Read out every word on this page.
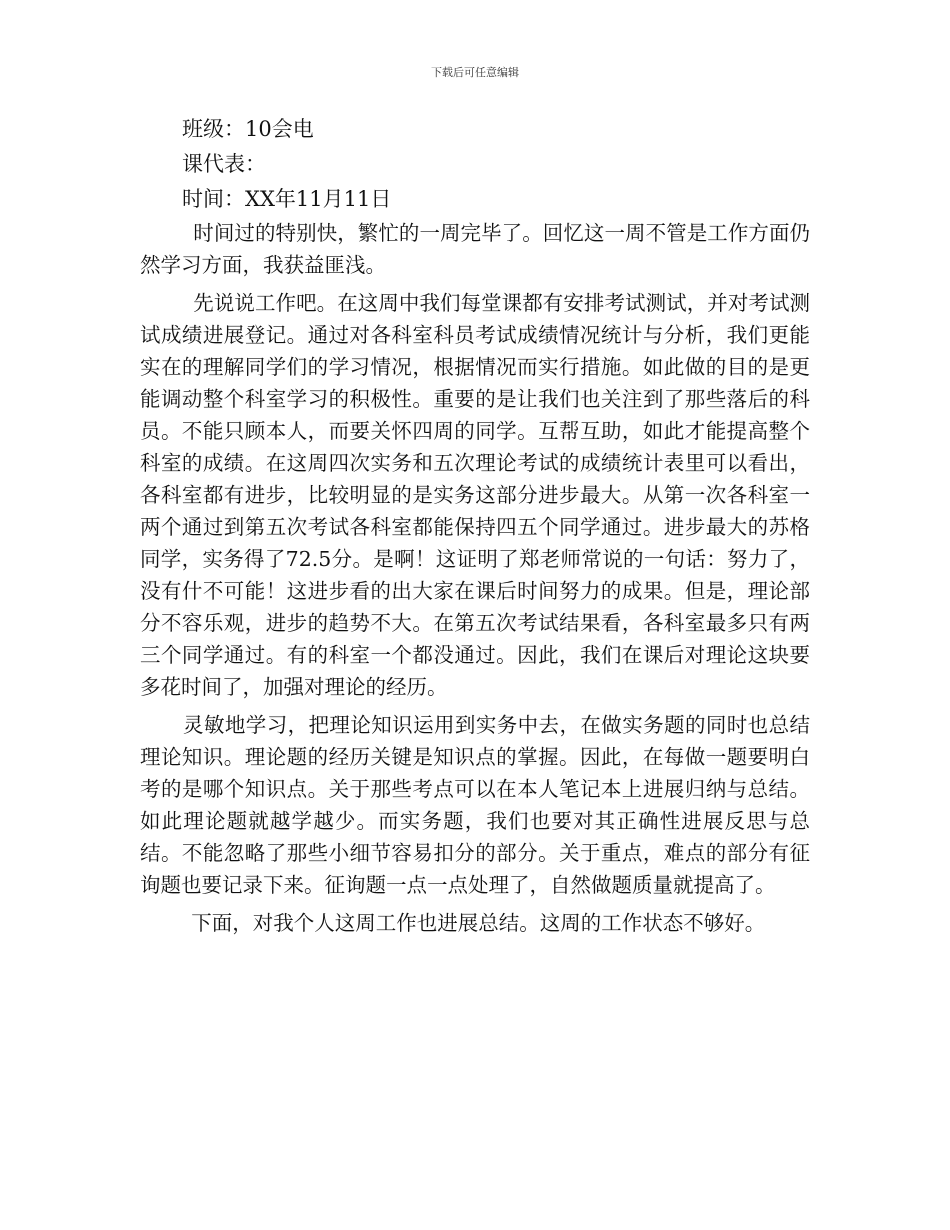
下载后可任意编辑

班级：10会电

课代表：

时间：XX年11月11日

时间过的特别快，繁忙的一周完毕了。回忆这一周不管是工作方面仍然学习方面，我获益匪浅。

先说说工作吧。在这周中我们每堂课都有安排考试测试，并对考试测试成绩进展登记。通过对各科室科员考试成绩情况统计与分析，我们更能实在的理解同学们的学习情况，根据情况而实行措施。如此做的目的是更能调动整个科室学习的积极性。重要的是让我们也关注到了那些落后的科员。不能只顾本人，而要关怀四周的同学。互帮互助，如此才能提高整个科室的成绩。在这周四次实务和五次理论考试的成绩统计表里可以看出，各科室都有进步，比较明显的是实务这部分进步最大。从第一次各科室一两个通过到第五次考试各科室都能保持四五个同学通过。进步最大的苏格同学，实务得了72.5分。是啊！这证明了郑老师常说的一句话：努力了，没有什不可能！这进步看的出大家在课后时间努力的成果。但是，理论部分不容乐观，进步的趋势不大。在第五次考试结果看，各科室最多只有两三个同学通过。有的科室一个都没通过。因此，我们在课后对理论这块要多花时间了，加强对理论的经历。

灵敏地学习，把理论知识运用到实务中去，在做实务题的同时也总结理论知识。理论题的经历关键是知识点的掌握。因此，在每做一题要明白考的是哪个知识点。关于那些考点可以在本人笔记本上进展归纳与总结。如此理论题就越学越少。而实务题，我们也要对其正确性进展反思与总结。不能忽略了那些小细节容易扣分的部分。关于重点，难点的部分有征询题也要记录下来。征询题一点一点处理了，自然做题质量就提高了。

下面，对我个人这周工作也进展总结。这周的工作状态不够好。
